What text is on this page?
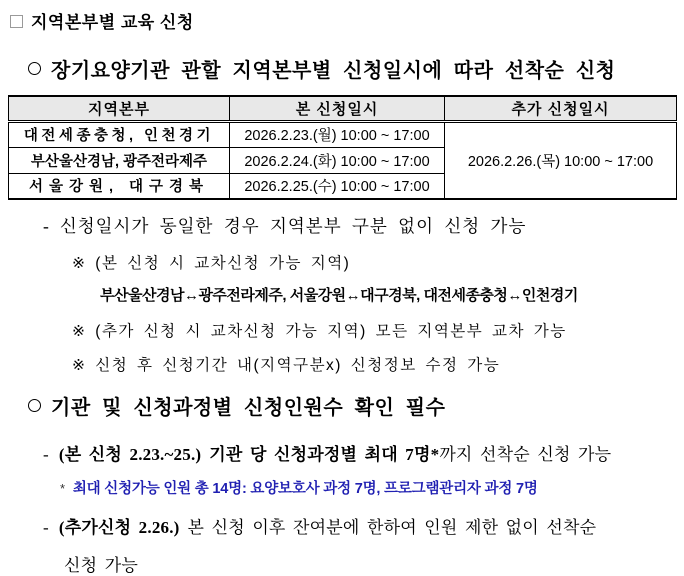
지역본부별 교육 신청
장기요양기관 관할 지역본부별 신청일시에 따라 선착순 신청
지역본부	본 신청일시	추가 신청일시
대전세종충청, 인천경기	2026.2.23.(월) 10:00 ~ 17:00	2026.2.26.(목) 10:00 ~ 17:00
부산울산경남, 광주전라제주	2026.2.24.(화) 10:00 ~ 17:00	
서울강원, 대구경북	2026.2.25.(수) 10:00 ~ 17:00	
- 신청일시가 동일한 경우 지역본부 구분 없이 신청 가능
※ (본 신청 시 교차신청 가능 지역)
부산울산경남↔광주전라제주, 서울강원↔대구경북, 대전세종충청↔인천경기
※ (추가 신청 시 교차신청 가능 지역) 모든 지역본부 교차 가능
※ 신청 후 신청기간 내(지역구분x) 신청정보 수정 가능
기관 및 신청과정별 신청인원수 확인 필수
- (본 신청 2.23.~25.) 기관 당 신청과정별 최대 7명*까지 선착순 신청 가능
* 최대 신청가능 인원 총 14명: 요양보호사 과정 7명, 프로그램관리자 과정 7명
- (추가신청 2.26.) 본 신청 이후 잔여분에 한하여 인원 제한 없이 선착순
신청 가능
